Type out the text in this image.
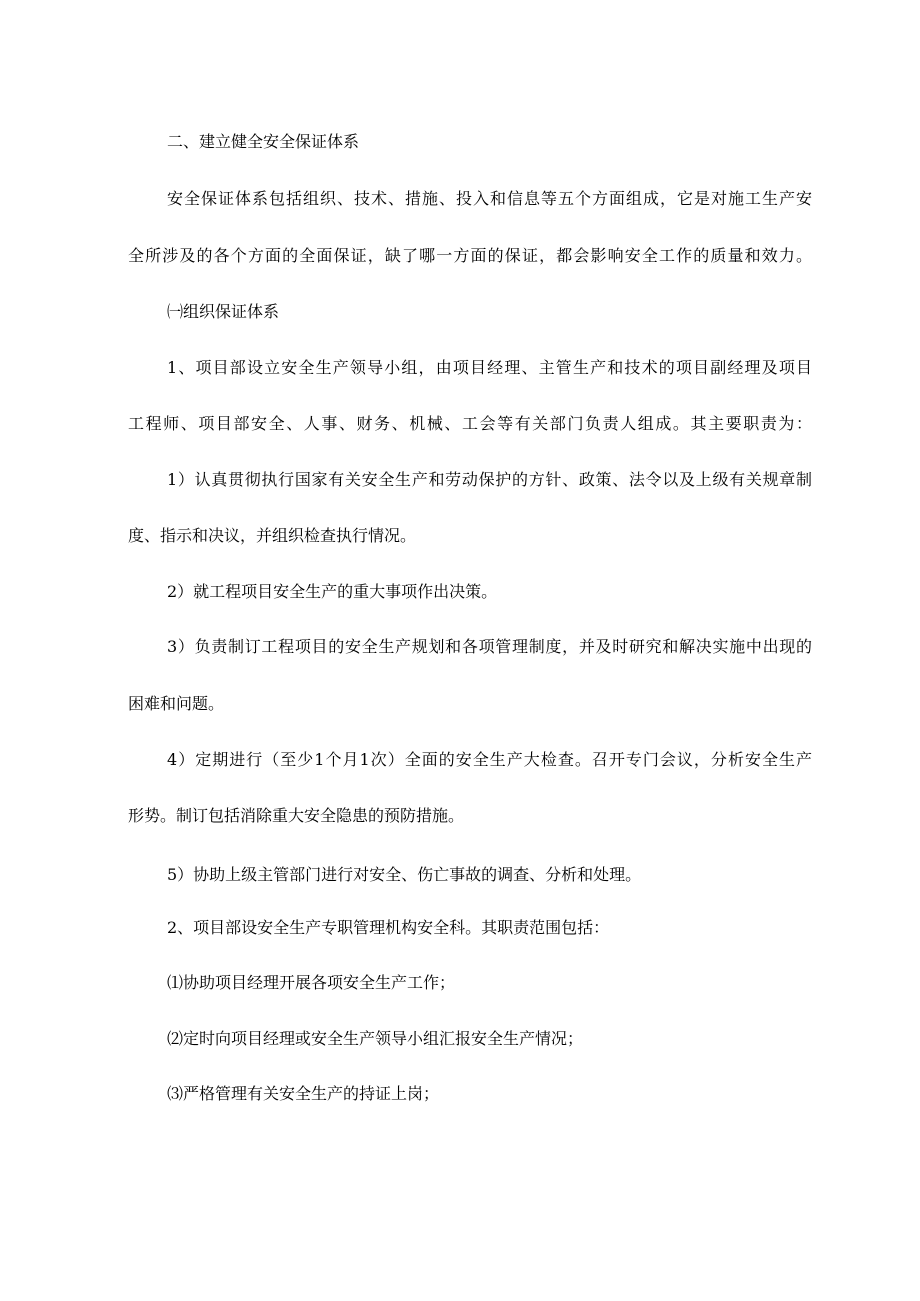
二、建立健全安全保证体系
安全保证体系包括组织、技术、措施、投入和信息等五个方面组成，它是对施工生产安
全所涉及的各个方面的全面保证，缺了哪一方面的保证，都会影响安全工作的质量和效力。
㈠组织保证体系
1、项目部设立安全生产领导小组，由项目经理、主管生产和技术的项目副经理及项目
工程师、项目部安全、人事、财务、机械、工会等有关部门负责人组成。其主要职责为：
1）认真贯彻执行国家有关安全生产和劳动保护的方针、政策、法令以及上级有关规章制
度、指示和决议，并组织检查执行情况。
2）就工程项目安全生产的重大事项作出决策。
3）负责制订工程项目的安全生产规划和各项管理制度，并及时研究和解决实施中出现的
困难和问题。
4）定期进行（至少1个月1次）全面的安全生产大检查。召开专门会议，分析安全生产
形势。制订包括消除重大安全隐患的预防措施。
5）协助上级主管部门进行对安全、伤亡事故的调查、分析和处理。
2、项目部设安全生产专职管理机构安全科。其职责范围包括：
⑴协助项目经理开展各项安全生产工作；
⑵定时向项目经理或安全生产领导小组汇报安全生产情况；
⑶严格管理有关安全生产的持证上岗；
